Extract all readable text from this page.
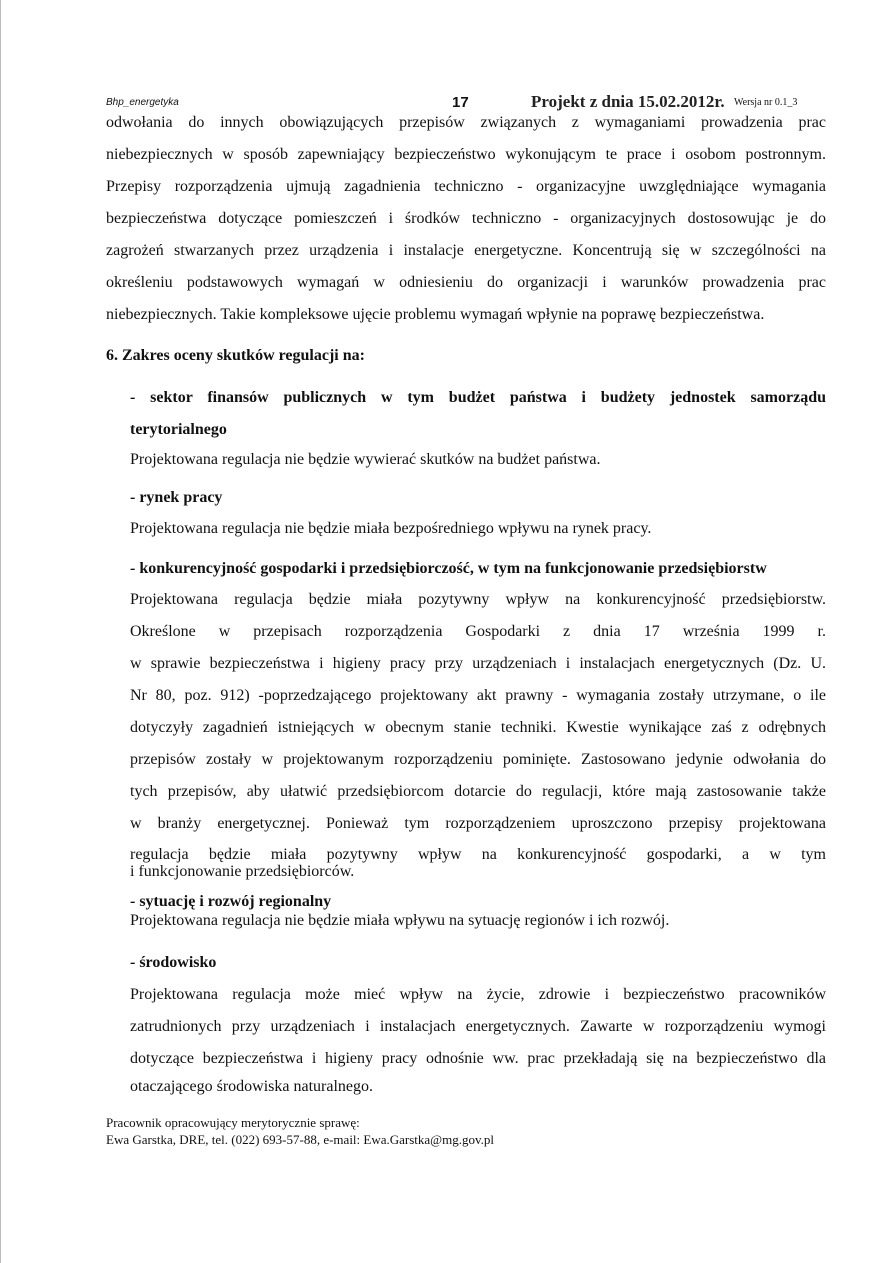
Bhp_energetyka	17	Projekt z dnia 15.02.2012r. Wersja nr 0.1_3
odwołania do innych obowiązujących przepisów związanych z wymaganiami prowadzenia prac
niebezpiecznych w sposób zapewniający bezpieczeństwo wykonującym te prace i osobom postronnym.
Przepisy rozporządzenia ujmują zagadnienia techniczno - organizacyjne uwzględniające wymagania
bezpieczeństwa dotyczące pomieszczeń i środków techniczno - organizacyjnych dostosowując je do
zagrożeń stwarzanych przez urządzenia i instalacje energetyczne. Koncentrują się w szczególności na
określeniu podstawowych wymagań w odniesieniu do organizacji i warunków prowadzenia prac
niebezpiecznych. Takie kompleksowe ujęcie problemu wymagań wpłynie na poprawę bezpieczeństwa.
6. Zakres oceny skutków regulacji na:
- sektor finansów publicznych w tym budżet państwa i budżety jednostek samorządu
terytorialnego
Projektowana regulacja nie będzie wywierać skutków na budżet państwa.
- rynek pracy
Projektowana regulacja nie będzie miała bezpośredniego wpływu na rynek pracy.
- konkurencyjność gospodarki i przedsiębiorczość, w tym na funkcjonowanie przedsiębiorstw
Projektowana regulacja będzie miała pozytywny wpływ na konkurencyjność przedsiębiorstw.
Określone w przepisach rozporządzenia Gospodarki z dnia 17 września 1999 r.
w sprawie bezpieczeństwa i higieny pracy przy urządzeniach i instalacjach energetycznych (Dz. U.
Nr 80, poz. 912) -poprzedzającego projektowany akt prawny - wymagania zostały utrzymane, o ile
dotyczyły zagadnień istniejących w obecnym stanie techniki. Kwestie wynikające zaś z odrębnych
przepisów zostały w projektowanym rozporządzeniu pominięte. Zastosowano jedynie odwołania do
tych przepisów, aby ułatwić przedsiębiorcom dotarcie do regulacji, które mają zastosowanie także
w branży energetycznej. Ponieważ tym rozporządzeniem uproszczono przepisy projektowana
regulacja będzie miała pozytywny wpływ na konkurencyjność gospodarki, a w tym
i funkcjonowanie przedsiębiorców.
- sytuację i rozwój regionalny
Projektowana regulacja nie będzie miała wpływu na sytuację regionów i ich rozwój.
- środowisko
Projektowana regulacja może mieć wpływ na życie, zdrowie i bezpieczeństwo pracowników
zatrudnionych przy urządzeniach i instalacjach energetycznych. Zawarte w rozporządzeniu wymogi
dotyczące bezpieczeństwa i higieny pracy odnośnie ww. prac przekładają się na bezpieczeństwo dla
otaczającego środowiska naturalnego.
Pracownik opracowujący merytorycznie sprawę:
Ewa Garstka, DRE, tel. (022) 693-57-88, e-mail: Ewa.Garstka@mg.gov.pl
